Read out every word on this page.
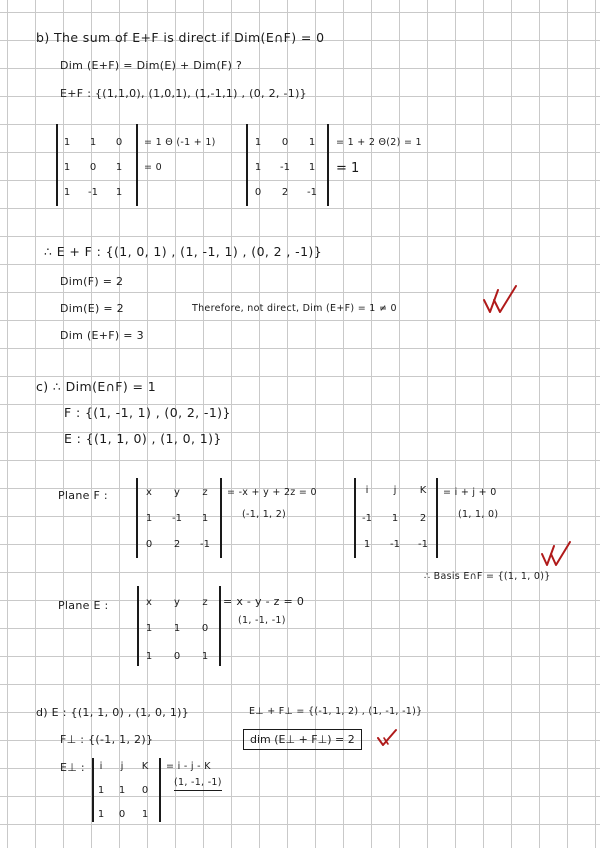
b) The sum of E+F is direct if Dim(E∩F) = 0
Dim (E+F) = Dim(E) + Dim(F) ?
E+F : {(1,1,0), (1,0,1), (1,-1,1) , (0, 2, -1)}
1	1	0
1	0	1
1	-1	1
= 1 Θ (-1 + 1)
= 0
1	0	1
1	-1	1
0	2	-1
= 1 + 2 Θ(2) = 1
= 1
∴ E + F : {(1, 0, 1) , (1, -1, 1) , (0, 2 , -1)}
Dim(F) = 2
Dim(E) = 2	Therefore, not direct, Dim (E+F) = 1 ≠ 0
Dim (E+F) = 3
c) ∴ Dim(E∩F) = 1
F : {(1, -1, 1) , (0, 2, -1)}
E : {(1, 1, 0) , (1, 0, 1)}
Plane F :	x	y	z
1	-1	1
0	2	-1
= -x + y + 2z = 0
(-1, 1, 2)
i	j	K
-1	1	2
1	-1	-1
= i + j + 0
(1, 1, 0)
∴ Basis E∩F = {(1, 1, 0)}
Plane E :	x	y	z
1	1	0
1	0	1
= x - y - z = 0
(1, -1, -1)
d) E : {(1, 1, 0) , (1, 0, 1)}	E⊥ + F⊥ = {(-1, 1, 2) , (1, -1, -1)}
F⊥ : {(-1, 1, 2)}	dim (E⊥ + F⊥) = 2
E⊥ :	i	j	K
1	1	0
1	0	1
= i - j - K
(1, -1, -1)
